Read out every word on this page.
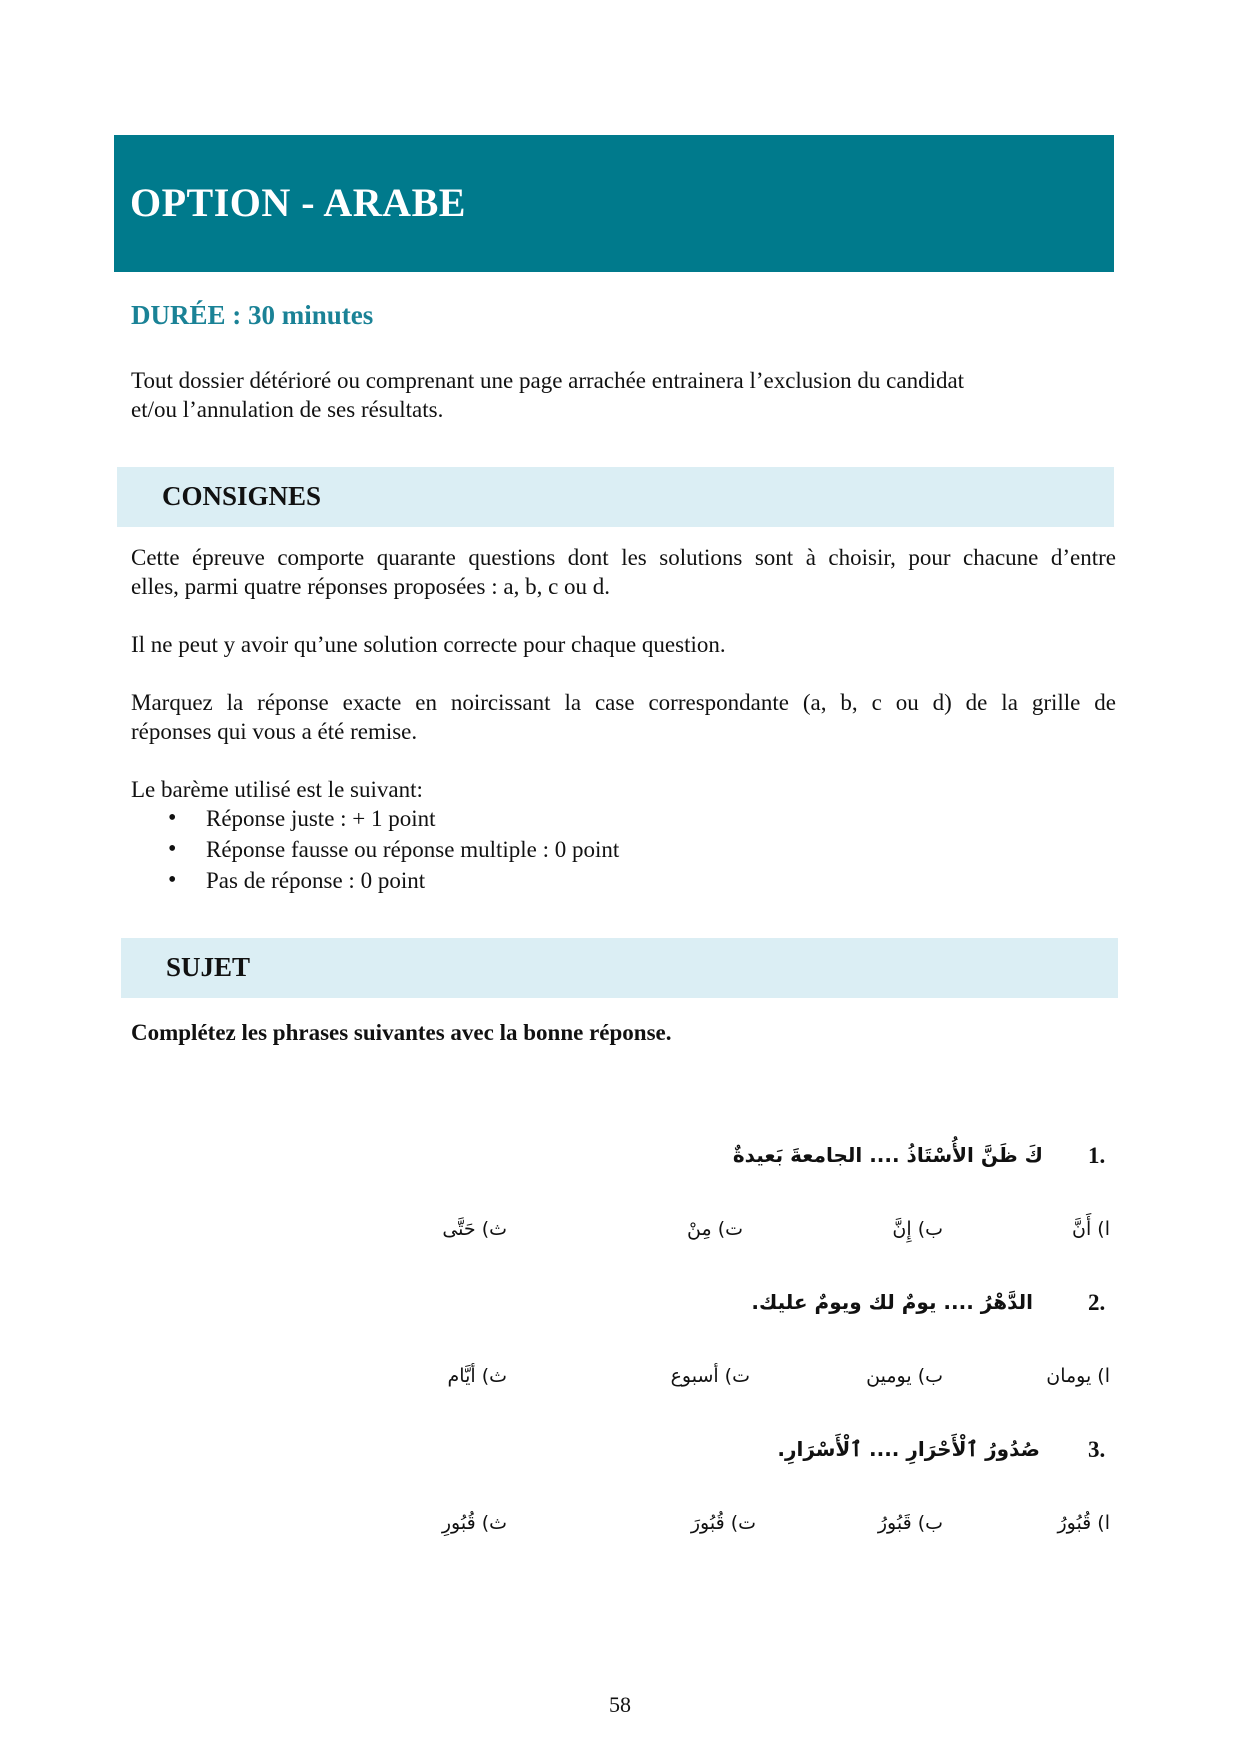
OPTION - ARABE

DURÉE : 30 minutes

Tout dossier détérioré ou comprenant une page arrachée entrainera l’exclusion du candidat

et/ou l’annulation de ses résultats.

CONSIGNES

Cette épreuve comporte quarante questions dont les solutions sont à choisir, pour chacune d’entre

elles, parmi quatre réponses proposées : a, b, c ou d.

Il ne peut y avoir qu’une solution correcte pour chaque question.

Marquez la réponse exacte en noircissant la case correspondante (a, b, c ou d) de la grille de

réponses qui vous a été remise.

Le barème utilisé est le suivant:

• Réponse juste : + 1 point
• Réponse fausse ou réponse multiple : 0 point
• Pas de réponse : 0 point
SUJET

Complétez les phrases suivantes avec la bonne réponse.

1.
كَ ظَنَّ الأُسْتَاذُ .... الجامعةَ بَعيدةٌ
ا) أَنَّ
ب) إِنَّ
ت) مِنْ
ث) حَتَّى
2.
الدَّهْرُ .... يومٌ لك ويومٌ عليك.
ا) يومان
ب) يومين
ت) أسبوع
ث) أيَّام
3.
صُدُورُ ٱلْأَحْرَارِ .... ٱلْأَسْرَارِ.
ا) قُبُورُ
ب) قَبُورُ
ت) قُبُورَ
ث) قُبُورِ

58
